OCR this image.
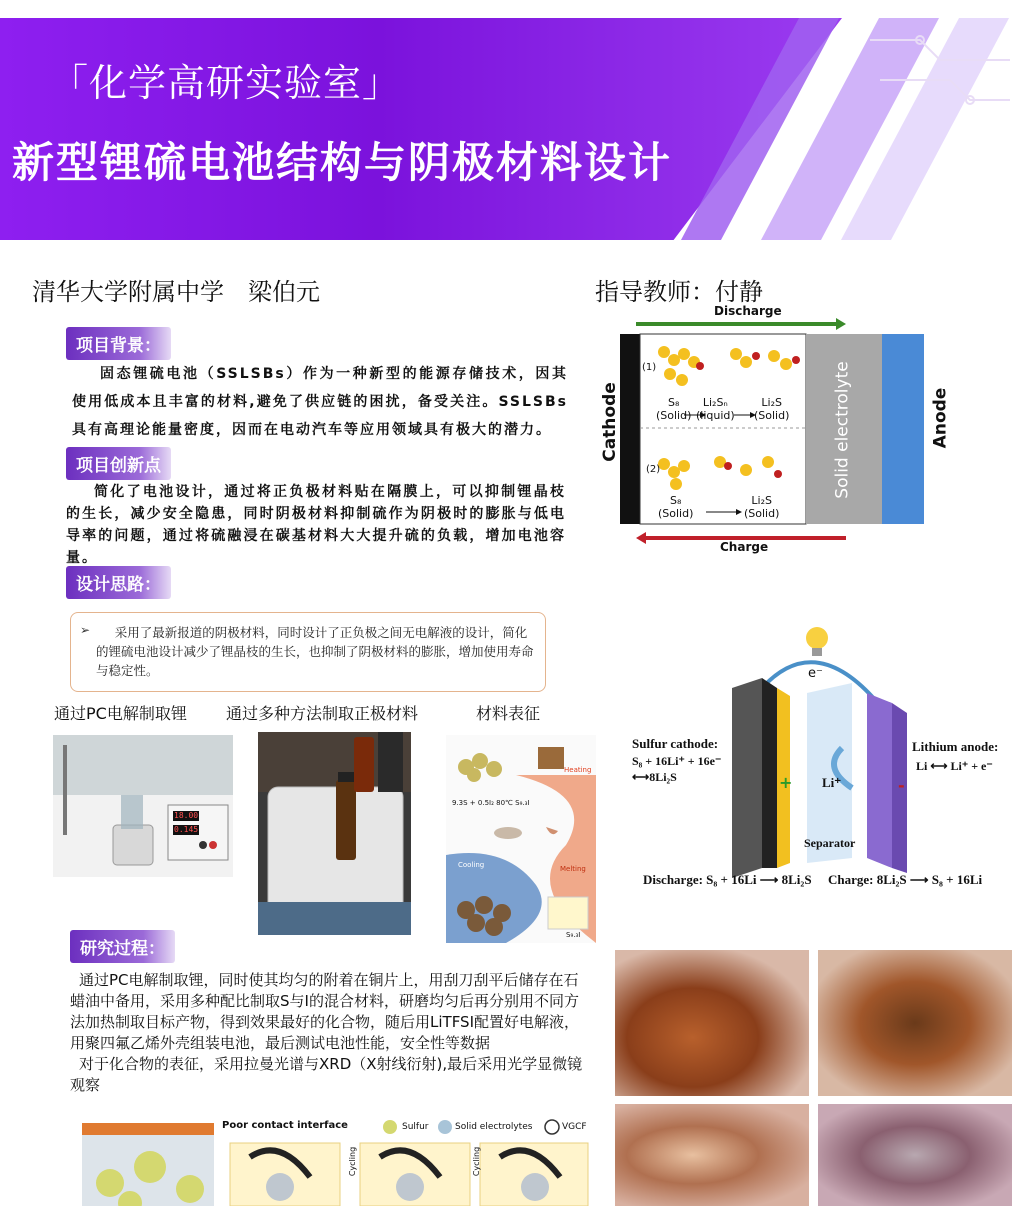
「化学高研实验室」
新型锂硫电池结构与阴极材料设计
清华大学附属中学　梁伯元	指导教师：付静
项目背景：
固态锂硫电池（SSLSBs）作为一种新型的能源存储技术，因其使用低成本且丰富的材料,避免了供应链的困扰，备受关注。SSLSBs具有高理论能量密度，因而在电动汽车等应用领域具有极大的潜力。
项目创新点
简化了电池设计，通过将正负极材料贴在隔膜上，可以抑制锂晶枝的生长，减少安全隐患，同时阴极材料抑制硫作为阴极时的膨胀与低电导率的问题，通过将硫融浸在碳基材料大大提升硫的负载，增加电池容量。
设计思路：
➢	采用了最新报道的阴极材料，同时设计了正负极之间无电解液的设计，简化的锂硫电池设计减少了锂晶枝的生长，也抑制了阴极材料的膨胀，增加使用寿命与稳定性。
通过PC电解制取锂 通过多种方法制取正极材料	材料表征
18.00
0.145
Heating
9.3S + 0.5I₂ 80℃ S₉.₃I
Cooling	Melting
S₉.₃I
研究过程：
通过PC电解制取锂，同时使其均匀的附着在铜片上，用刮刀刮平后储存在石蜡油中备用，采用多种配比制取S与I的混合材料，研磨均匀后再分别用不同方法加热制取目标产物，得到效果最好的化合物，随后用LiTFSI配置好电解液，用聚四氟乙烯外壳组装电池，最后测试电池性能，安全性等数据
对于化合物的表征，采用拉曼光谱与XRD（X射线衍射),最后采用光学显微镜观察
Poor contact interface	Sulfur	Solid electrolytes	VGCF
Cycling	Cycling
Discharge
Charge
Cathode	Anode
Solid electrolyte
(1)
(2)
S₈
(Solid)
Li₂Sₙ
(liquid)
Li₂S
(Solid)
S₈
(Solid)
Li₂S
(Solid)
e⁻
Sulfur cathode:
S₈ + 16Li⁺ + 16e⁻
⟷8Li₂S
Lithium anode:
Li ⟷ Li⁺ + e⁻
Li⁺
Separator
+	-
Discharge: S₈ + 16Li ⟶ 8Li₂S Charge: 8Li₂S ⟶ S₈ + 16Li
